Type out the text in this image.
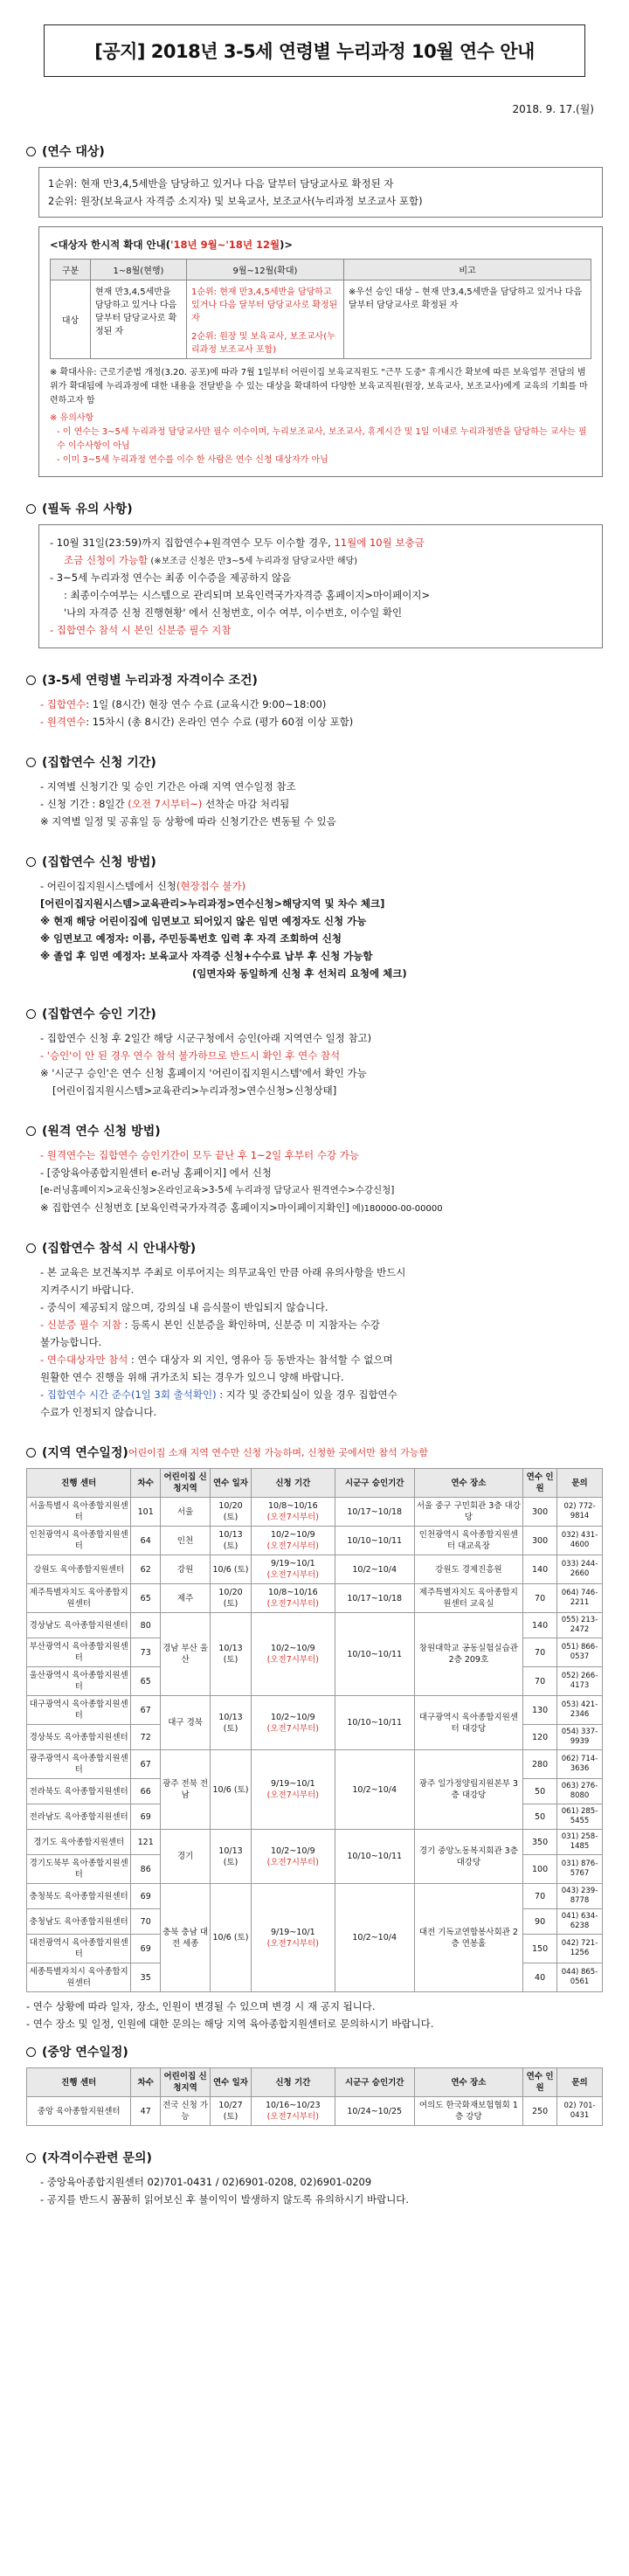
[공지] 2018년 3-5세 연령별 누리과정 10월 연수 안내
2018. 9. 17.(월)
(연수 대상)
1순위: 현재 만3,4,5세반을 담당하고 있거나 다음 달부터 담당교사로 확정된 자
2순위: 원장(보육교사 자격증 소지자) 및 보육교사, 보조교사(누리과정 보조교사 포함)
<대상자 한시적 확대 안내('18년 9월~'18년 12월)>
구분	1~8월(현행)	9월~12월(확대)	비고
대상	현재 만3,4,5세반을 담당하고 있거나 다음 달부터 담당교사로 확정된 자	1순위: 현재 만3,4,5세반을 담당하고 있거나 다음 달부터 담당교사로 확정된 자
2순위: 원장 및 보육교사, 보조교사(누리과정 보조교사 포함)	※우선 승인 대상 – 현재 만3,4,5세반을 담당하고 있거나 다음 달부터 담당교사로 확정된 자
※ 확대사유: 근로기준법 개정(3.20. 공포)에 따라 7월 1일부터 어린이집 보육교직원도 "근무 도중" 휴게시간 확보에 따른 보육업무 전담의 범위가 확대됨에 누리과정에 대한 내용을 전달받을 수 있는 대상을 확대하여 다양한 보육교직원(원장, 보육교사, 보조교사)에게 교육의 기회를 마련하고자 함
※ 유의사항
- 이 연수는 3~5세 누리과정 담당교사만 필수 이수이며, 누리보조교사, 보조교사, 휴게시간 및 1일 이내로 누리과정반을 담당하는 교사는 필수 이수사항이 아님
- 이미 3~5세 누리과정 연수를 이수 한 사람은 연수 신청 대상자가 아님
(필독 유의 사항)
- 10월 31일(23:59)까지 집합연수+원격연수 모두 이수할 경우, 11월에 10월 보충금
조금 신청이 가능함 (※보조금 신청은 만3~5세 누리과정 담당교사만 해당)
- 3~5세 누리과정 연수는 최종 이수증을 제공하지 않음
: 최종이수여부는 시스템으로 관리되며 보육인력국가자격증 홈페이지>마이페이지>
'나의 자격증 신청 진행현황' 에서 신청번호, 이수 여부, 이수번호, 이수일 확인
- 집합연수 참석 시 본인 신분증 필수 지참
(3-5세 연령별 누리과정 자격이수 조건)
- 집합연수: 1일 (8시간) 현장 연수 수료 (교육시간 9:00~18:00)
- 원격연수: 15차시 (총 8시간) 온라인 연수 수료 (평가 60점 이상 포함)
(집합연수 신청 기간)
- 지역별 신청기간 및 승인 기간은 아래 지역 연수일정 참조
- 신청 기간 : 8일간 (오전 7시부터~) 선착순 마감 처리됨
※ 지역별 일정 및 공휴일 등 상황에 따라 신청기간은 변동될 수 있음
(집합연수 신청 방법)
- 어린이집지원시스템에서 신청(현장접수 불가)
[어린이집지원시스템>교육관리>누리과정>연수신청>해당지역 및 차수 체크]
※ 현재 해당 어린이집에 임면보고 되어있지 않은 임면 예정자도 신청 가능
※ 임면보고 예정자: 이름, 주민등록번호 입력 후 자격 조회하여 신청
※ 졸업 후 임면 예정자: 보육교사 자격증 신청+수수료 납부 후 신청 가능함
(임면자와 동일하게 신청 후 선처리 요청에 체크)
(집합연수 승인 기간)
- 집합연수 신청 후 2일간 해당 시군구청에서 승인(아래 지역연수 일정 참고)
- '승인'이 안 된 경우 연수 참석 불가하므로 반드시 확인 후 연수 참석
※ '시군구 승인'은 연수 신청 홈페이지 '어린이집지원시스템'에서 확인 가능
[어린이집지원시스템>교육관리>누리과정>연수신청>신청상태]
(원격 연수 신청 방법)
- 원격연수는 집합연수 승인기간이 모두 끝난 후 1~2일 후부터 수강 가능
- [중앙육아종합지원센터 e-러닝 홈페이지] 에서 신청
[e-러닝홈페이지>교육신청>온라인교육>3-5세 누리과정 담당교사 원격연수>수강신청]
※ 집합연수 신청번호 [보육인력국가자격증 홈페이지>마이페이지확인] 예)180000-00-00000
(집합연수 참석 시 안내사항)
- 본 교육은 보건복지부 주최로 이루어지는 의무교육인 만큼 아래 유의사항을 반드시
지켜주시기 바랍니다.
- 중식이 제공되지 않으며, 강의실 내 음식물이 반입되지 않습니다.
- 신분증 필수 지참 : 등록시 본인 신분증을 확인하며, 신분증 미 지참자는 수강
불가능합니다.
- 연수대상자만 참석 : 연수 대상자 외 지인, 영유아 등 동반자는 참석할 수 없으며
원활한 연수 진행을 위해 귀가조치 되는 경우가 있으니 양해 바랍니다.
- 집합연수 시간 준수(1일 3회 출석확인) : 지각 및 중간퇴실이 있을 경우 집합연수
수료가 인정되지 않습니다.
(지역 연수일정) 어린이집 소재 지역 연수만 신청 가능하며, 신청한 곳에서만 참석 가능함
진행 센터	차수	어린이집 신청지역	연수 일자	신청 기간	시군구 승인기간	연수 장소	연수 인원	문의
서울특별시 육아종합지원센터	101	서울	10/20 (토)	10/8~10/16
(오전7시부터)	10/17~10/18	서울 중구 구민회관 3층 대강당	300	02) 772-9814
인천광역시 육아종합지원센터	64	인천	10/13 (토)	10/2~10/9
(오전7시부터)	10/10~10/11	인천광역시 육아종합지원센터 대교육장	300	032) 431-4600
강원도 육아종합지원센터	62	강원	10/6 (토)	9/19~10/1
(오전7시부터)	10/2~10/4	강원도 경제진흥원	140	033) 244-2660
제주특별자치도 육아종합지원센터	65	제주	10/20 (토)	10/8~10/16
(오전7시부터)	10/17~10/18	제주특별자치도 육아종합지원센터 교육실	70	064) 746-2211
경상남도 육아종합지원센터	80	경남 부산 울산	10/13 (토)	10/2~10/9
(오전7시부터)	10/10~10/11	창원대학교 공동실험실습관 2층 209호	140	055) 213-2472
부산광역시 육아종합지원센터	73						70	051) 866-0537
울산광역시 육아종합지원센터	65						70	052) 266-4173
대구광역시 육아종합지원센터	67	대구 경북	10/13 (토)	10/2~10/9
(오전7시부터)	10/10~10/11	대구광역시 육아종합지원센터 대강당	130	053) 421-2346
경상북도 육아종합지원센터	72						120	054) 337-9939
광주광역시 육아종합지원센터	67	광주 전북 전남	10/6 (토)	9/19~10/1
(오전7시부터)	10/2~10/4	광주 일가정양립지원본부 3층 대강당	280	062) 714-3636
전라북도 육아종합지원센터	66						50	063) 276-8080
전라남도 육아종합지원센터	69						50	061) 285-5455
경기도 육아종합지원센터	121	경기	10/13 (토)	10/2~10/9
(오전7시부터)	10/10~10/11	경기 중앙노동복지회관 3층 대강당	350	031) 258-1485
경기도북부 육아종합지원센터	86						100	031) 876-5767
충청북도 육아종합지원센터	69	충북 충남 대전 세종	10/6 (토)	9/19~10/1
(오전7시부터)	10/2~10/4	대전 기독교연합봉사회관 2층 연봉홀	70	043) 239-8778
충청남도 육아종합지원센터	70						90	041) 634-6238
대전광역시 육아종합지원센터	69						150	042) 721-1256
세종특별자치시 육아종합지원센터	35						40	044) 865-0561
- 연수 상황에 따라 일자, 장소, 인원이 변경될 수 있으며 변경 시 재 공지 됩니다.
- 연수 장소 및 일정, 인원에 대한 문의는 해당 지역 육아종합지원센터로 문의하시기 바랍니다.
(중앙 연수일정)
진행 센터	차수	어린이집 신청지역	연수 일자	신청 기간	시군구 승인기간	연수 장소	연수 인원	문의
중앙 육아종합지원센터	47	전국 신청 가능	10/27 (토)	10/16~10/23
(오전7시부터)	10/24~10/25	여의도 한국화재보험협회 1층 강당	250	02) 701-0431
(자격이수관련 문의)
- 중앙육아종합지원센터 02)701-0431 / 02)6901-0208, 02)6901-0209
- 공지를 반드시 꼼꼼히 읽어보신 후 불이익이 발생하지 않도록 유의하시기 바랍니다.
